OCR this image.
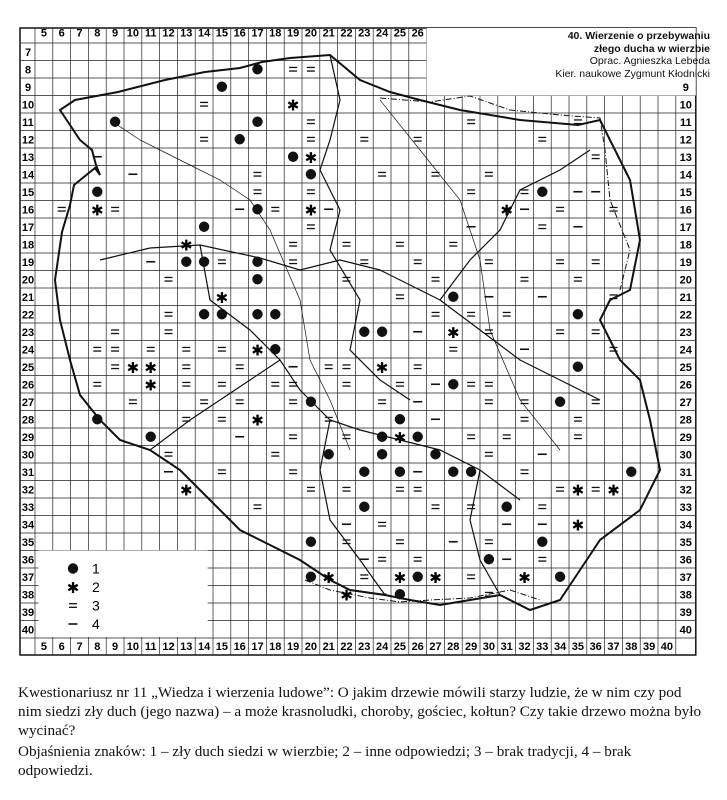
5
5
6
6
7
7
8
8
9
9
10
10
11
11
12
12
13
13
14
14
15
15
16
16
17
17
18
18
19
19
20
20
21
21
22
22
23
23
24
24
25
25
26
26 27 28 29 30 31 32 33 34 35 36 37 38 39 40
7
8
9	9
10	10
11	11
12	12
13	13
14	14
15	15
16	16
17	17
18	18
19	19
20	20
21	21
22	22
23	23
24	24
25	25
26	26
27	27
28	28
29	29
30	30
31	31
32	32
33	33
34	34
35	35
36	36
37	37
38	38
39	39
40	40
✱
✱
✱	✱
✱
✱
✱
✱
✱ ✱	✱
✱
✱
✱
✱	✱ ✱
✱
✱	✱ ✱	✱
✱
✱
1
✱ 2
3
4
40. Wierzenie o przebywaniu
złego ducha w wierzbie
Oprac. Agnieszka Lebeda
Kier. naukowe Zygmunt Kłodnicki

Kwestionariusz nr 11 „Wiedza i wierzenia ludowe”: O jakim drzewie mówili starzy ludzie, że w nim czy pod nim siedzi zły duch (jego nazwa) – a może krasnoludki, choroby, gościec, kołtun? Czy takie drzewo można było wycinać?

Objaśnienia znaków: 1 – zły duch siedzi w wierzbie; 2 – inne odpowiedzi; 3 – brak tradycji, 4 – brak odpowiedzi.
